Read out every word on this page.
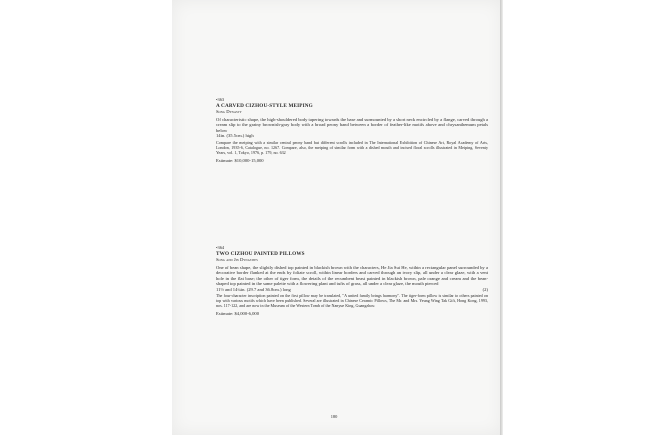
•363

A CARVED CIZHOU-STYLE MEIPING

Song Dynasty

Of characteristic shape, the high-shouldered body tapering towards the base and surmounted by a short neck encircled by a flange, carved through a cream slip to the grainy brownish-gray body with a broad peony band between a border of feather-like motifs above and chrysanthemum petals below

14in. (35.5cm.) high

Compare the meiping with a similar central peony band but different scrolls included in The International Exhibition of Chinese Art, Royal Academy of Arts, London, 1935-6, Catalogue, no. 1267. Compare, also, the meiping of similar form with a dished mouth and incised floral scrolls illustrated in Meiping, Seventy Years, vol. 1, Tokyo, 1976, p. 179, no. 632

Estimate: $10,000-15,000

•364

TWO CIZHOU PAINTED PILLOWS

Song and Jin Dynasties

One of bean shape, the slightly dished top painted in blackish brown with the characters, He Jia Sui He, within a rectangular panel surrounded by a decorative border flanked at the ends by foliate scroll, within linear borders and carved through an ivory slip, all under a clear glaze, with a vent hole in the flat base; the other of tiger form, the details of the recumbent beast painted in blackish brown, pale orange and cream and the bean-shaped top painted in the same palette with a flowering plant and tufts of grass, all under a clear glaze, the mouth pierced

11½ and 14¼in. (29.7 and 36.8cm.) long	(2)

The four-character inscription painted on the first pillow may be translated, "A united family brings harmony". The tiger-form pillow is similar to others painted on top with various motifs which have been published. Several are illustrated in Chinese Ceramic Pillows, The Mr. and Mrs. Yeung Wing Tak Gift, Hong Kong, 1993, nos. 117-122, and are now in the Museum of the Western Tomb of the Nanyue King, Guangzhou

Estimate: $4,000-6,000

180
